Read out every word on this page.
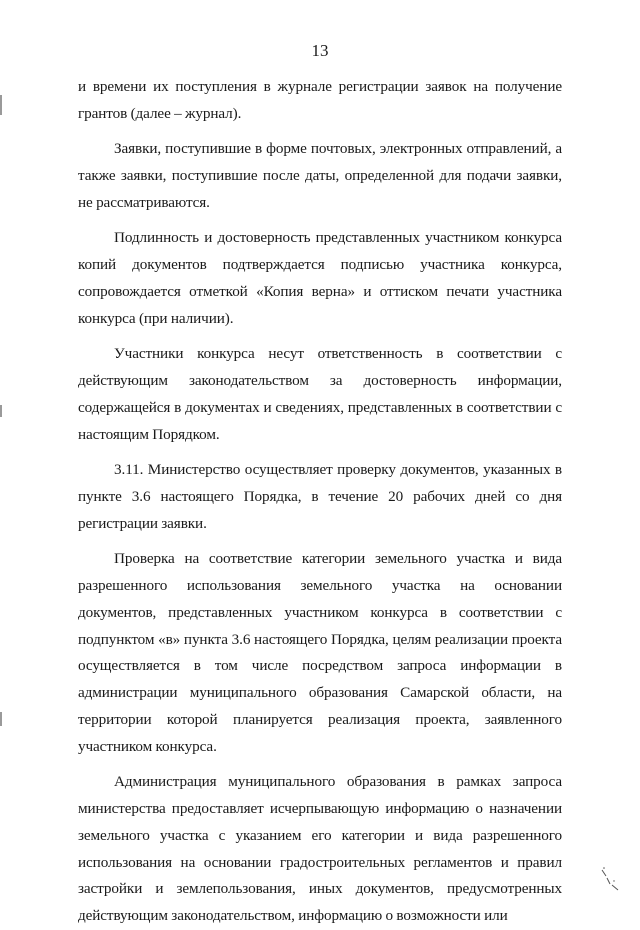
13

и времени их поступления в журнале регистрации заявок на получение грантов (далее – журнал).

Заявки, поступившие в форме почтовых, электронных отправлений, а также заявки, поступившие после даты, определенной для подачи заявки, не рассматриваются.

Подлинность и достоверность представленных участником конкурса копий документов подтверждается подписью участника конкурса, сопровождается отметкой «Копия верна» и оттиском печати участника конкурса (при наличии).

Участники конкурса несут ответственность в соответствии с действующим законодательством за достоверность информации, содержащейся в документах и сведениях, представленных в соответствии с настоящим Порядком.

3.11. Министерство осуществляет проверку документов, указанных в пункте 3.6 настоящего Порядка, в течение 20 рабочих дней со дня регистрации заявки.

Проверка на соответствие категории земельного участка и вида разрешенного использования земельного участка на основании документов, представленных участником конкурса в соответствии с подпунктом «в» пункта 3.6 настоящего Порядка, целям реализации проекта осуществляется в том числе посредством запроса информации в администрации муниципального образования Самарской области, на территории которой планируется реализация проекта, заявленного участником конкурса.

Администрация муниципального образования в рамках запроса министерства предоставляет исчерпывающую информацию о назначении земельного участка с указанием его категории и вида разрешенного использования на основании градостроительных регламентов и правил застройки и землепользования, иных документов, предусмотренных действующим законодательством, информацию о возможности или
